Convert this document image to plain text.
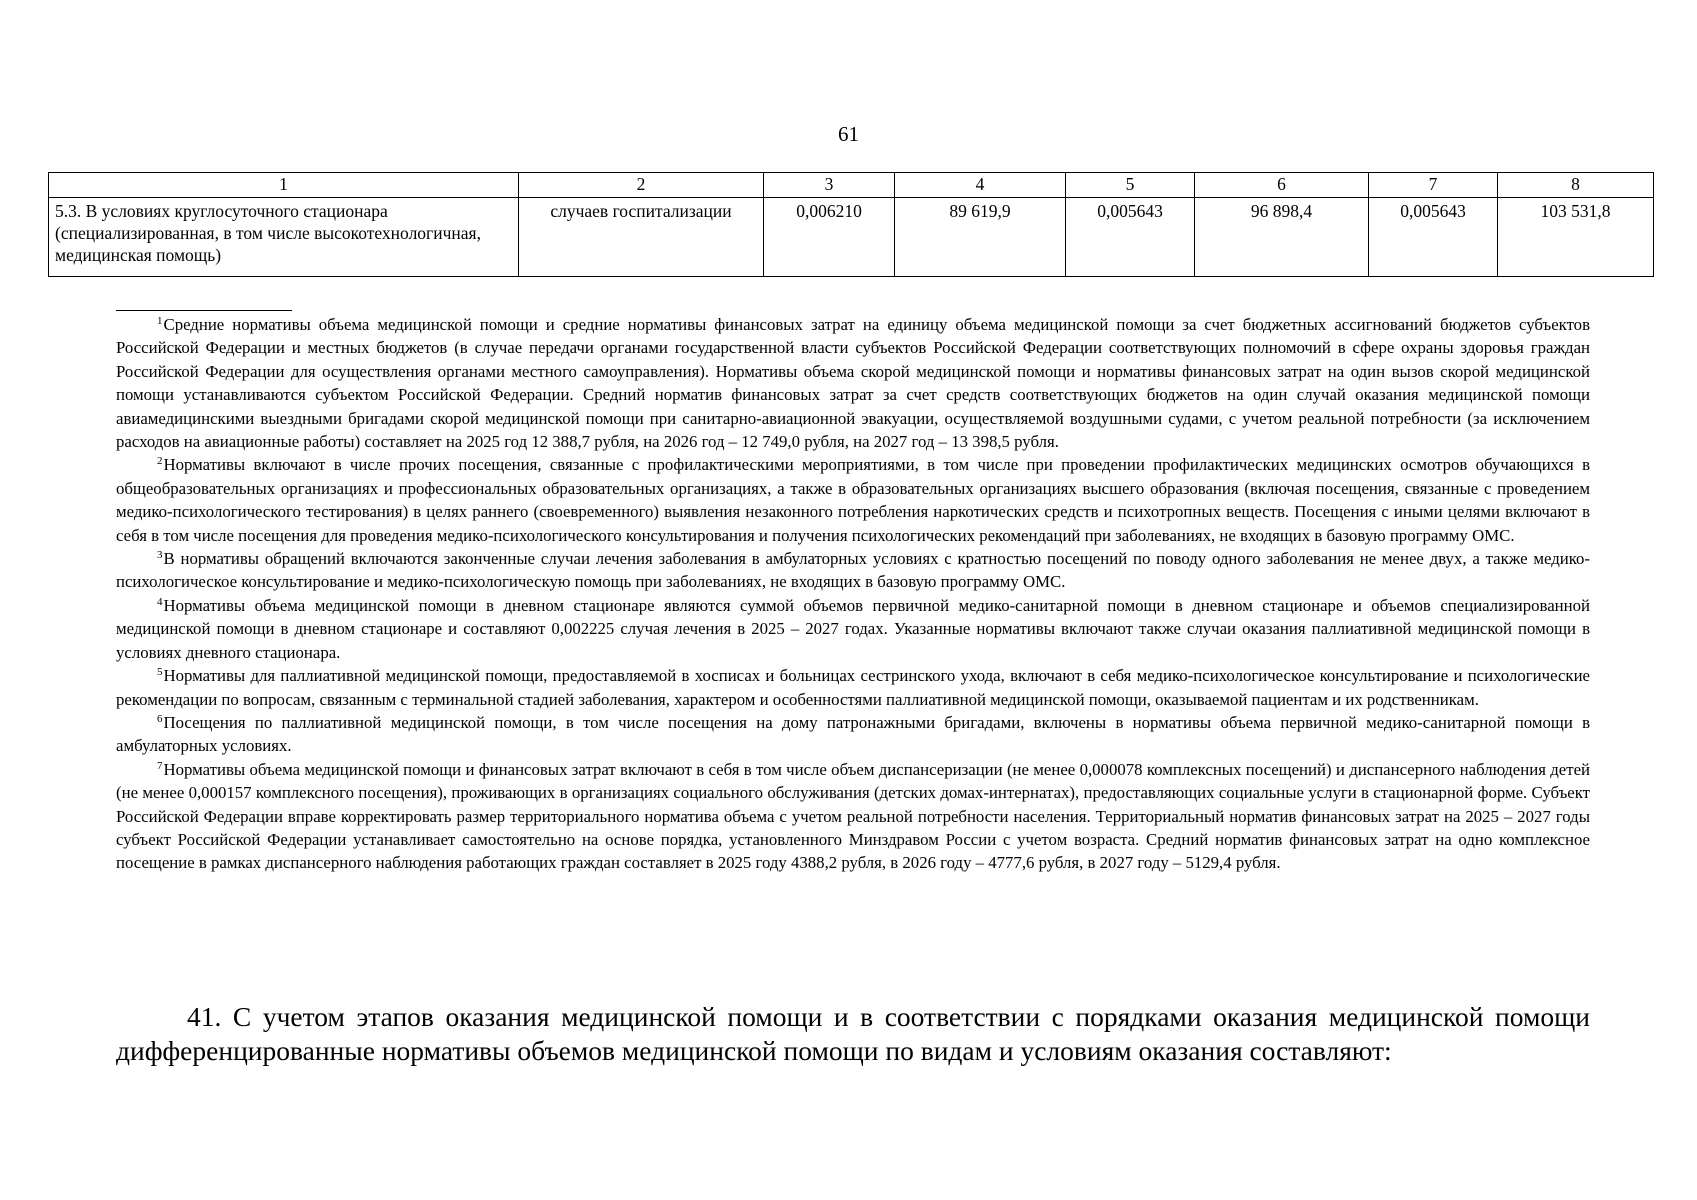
61
1	2	3	4	5	6	7	8
5.3. В условиях круглосуточного стационара (специализированная, в том числе высокотехнологичная, медицинская помощь)	случаев госпитализации	0,006210	89 619,9	0,005643	96 898,4	0,005643	103 531,8

$^1$Средние нормативы объема медицинской помощи и средние нормативы финансовых затрат на единицу объема медицинской помощи за счет бюджетных ассигнований бюджетов субъектов Российской Федерации и местных бюджетов (в случае передачи органами государственной власти субъектов Российской Федерации соответствующих полномочий в сфере охраны здоровья граждан Российской Федерации для осуществления органами местного самоуправления). Нормативы объема скорой медицинской помощи и нормативы финансовых затрат на один вызов скорой медицинской помощи устанавливаются субъектом Российской Федерации. Средний норматив финансовых затрат за счет средств соответствующих бюджетов на один случай оказания медицинской помощи авиамедицинскими выездными бригадами скорой медицинской помощи при санитарно-авиационной эвакуации, осуществляемой воздушными судами, с учетом реальной потребности (за исключением расходов на авиационные работы) составляет на 2025 год 12 388,7 рубля, на 2026 год – 12 749,0 рубля, на 2027 год – 13 398,5 рубля.

$^2$Нормативы включают в числе прочих посещения, связанные с профилактическими мероприятиями, в том числе при проведении профилактических медицинских осмотров обучающихся в общеобразовательных организациях и профессиональных образовательных организациях, а также в образовательных организациях высшего образования (включая посещения, связанные с проведением медико-психологического тестирования) в целях раннего (своевременного) выявления незаконного потребления наркотических средств и психотропных веществ. Посещения с иными целями включают в себя в том числе посещения для проведения медико-психологического консультирования и получения психологических рекомендаций при заболеваниях, не входящих в базовую программу ОМС.

$^3$В нормативы обращений включаются законченные случаи лечения заболевания в амбулаторных условиях с кратностью посещений по поводу одного заболевания не менее двух, а также медико-психологическое консультирование и медико-психологическую помощь при заболеваниях, не входящих в базовую программу ОМС.

$^4$Нормативы объема медицинской помощи в дневном стационаре являются суммой объемов первичной медико-санитарной помощи в дневном стационаре и объемов специализированной медицинской помощи в дневном стационаре и составляют 0,002225 случая лечения в 2025 – 2027 годах. Указанные нормативы включают также случаи оказания паллиативной медицинской помощи в условиях дневного стационара.

$^5$Нормативы для паллиативной медицинской помощи, предоставляемой в хосписах и больницах сестринского ухода, включают в себя медико-психологическое консультирование и психологические рекомендации по вопросам, связанным с терминальной стадией заболевания, характером и особенностями паллиативной медицинской помощи, оказываемой пациентам и их родственникам.

$^6$Посещения по паллиативной медицинской помощи, в том числе посещения на дому патронажными бригадами, включены в нормативы объема первичной медико-санитарной помощи в амбулаторных условиях.

$^7$Нормативы объема медицинской помощи и финансовых затрат включают в себя в том числе объем диспансеризации (не менее 0,000078 комплексных посещений) и диспансерного наблюдения детей (не менее 0,000157 комплексного посещения), проживающих в организациях социального обслуживания (детских домах-интернатах), предоставляющих социальные услуги в стационарной форме. Субъект Российской Федерации вправе корректировать размер территориального норматива объема с учетом реальной потребности населения. Территориальный норматив финансовых затрат на 2025 – 2027 годы субъект Российской Федерации устанавливает самостоятельно на основе порядка, установленного Минздравом России с учетом возраста. Средний норматив финансовых затрат на одно комплексное посещение в рамках диспансерного наблюдения работающих граждан составляет в 2025 году 4388,2 рубля, в 2026 году – 4777,6 рубля, в 2027 году – 5129,4 рубля.

41. С учетом этапов оказания медицинской помощи и в соответствии с порядками оказания медицинской помощи дифференцированные нормативы объемов медицинской помощи по видам и условиям оказания составляют:
